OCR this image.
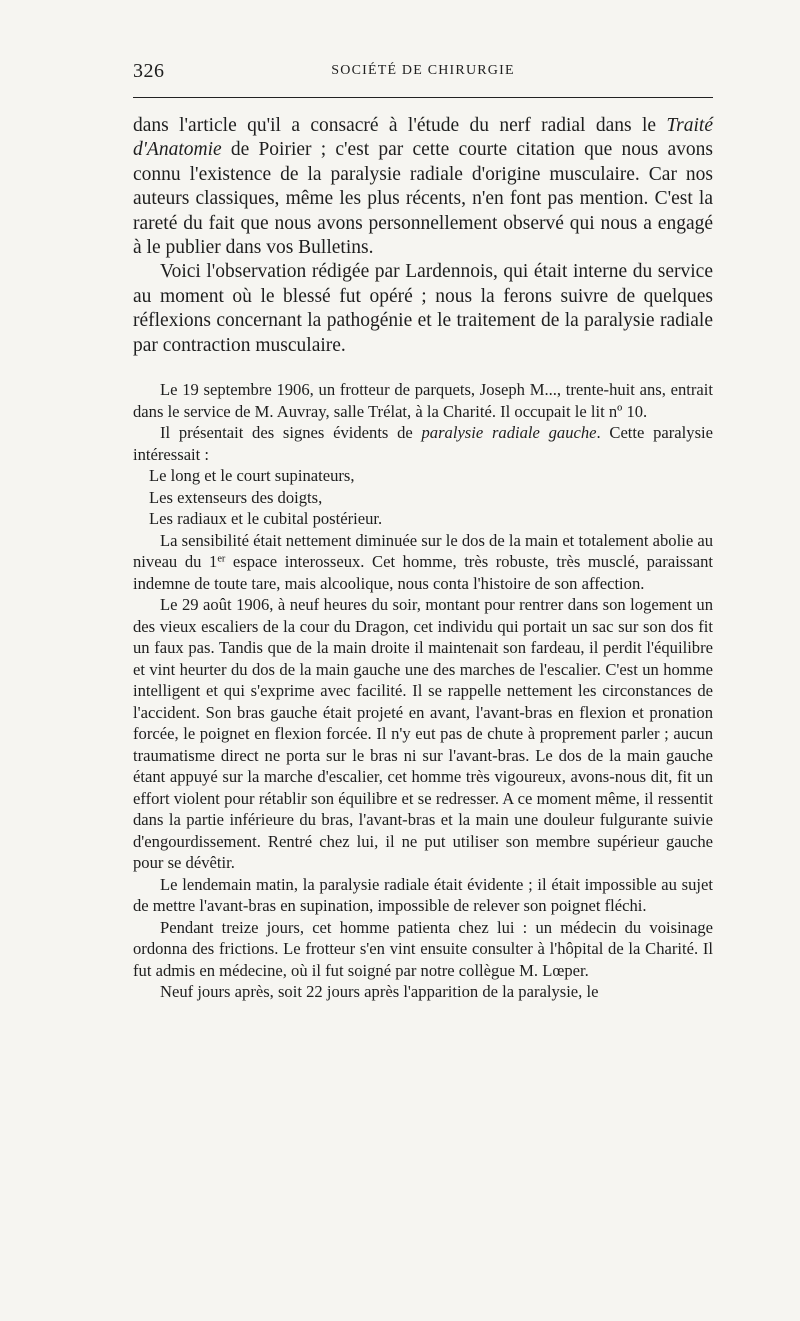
326	SOCIÉTÉ DE CHIRURGIE

dans l'article qu'il a consacré à l'étude du nerf radial dans le Traité d'Anatomie de Poirier ; c'est par cette courte citation que nous avons connu l'existence de la paralysie radiale d'origine musculaire. Car nos auteurs classiques, même les plus récents, n'en font pas mention. C'est la rareté du fait que nous avons personnellement observé qui nous a engagé à le publier dans vos Bulletins.

Voici l'observation rédigée par Lardennois, qui était interne du service au moment où le blessé fut opéré ; nous la ferons suivre de quelques réflexions concernant la pathogénie et le traitement de la paralysie radiale par contraction musculaire.

Le 19 septembre 1906, un frotteur de parquets, Joseph M..., trente-huit ans, entrait dans le service de M. Auvray, salle Trélat, à la Charité. Il occupait le lit nº 10.

Il présentait des signes évidents de paralysie radiale gauche. Cette paralysie intéressait :

Le long et le court supinateurs,

Les extenseurs des doigts,

Les radiaux et le cubital postérieur.

La sensibilité était nettement diminuée sur le dos de la main et totalement abolie au niveau du 1er espace interosseux. Cet homme, très robuste, très musclé, paraissant indemne de toute tare, mais alcoolique, nous conta l'histoire de son affection.

Le 29 août 1906, à neuf heures du soir, montant pour rentrer dans son logement un des vieux escaliers de la cour du Dragon, cet individu qui portait un sac sur son dos fit un faux pas. Tandis que de la main droite il maintenait son fardeau, il perdit l'équilibre et vint heurter du dos de la main gauche une des marches de l'escalier. C'est un homme intelligent et qui s'exprime avec facilité. Il se rappelle nettement les circonstances de l'accident. Son bras gauche était projeté en avant, l'avant-bras en flexion et pronation forcée, le poignet en flexion forcée. Il n'y eut pas de chute à proprement parler ; aucun traumatisme direct ne porta sur le bras ni sur l'avant-bras. Le dos de la main gauche étant appuyé sur la marche d'escalier, cet homme très vigoureux, avons-nous dit, fit un effort violent pour rétablir son équilibre et se redresser. A ce moment même, il ressentit dans la partie inférieure du bras, l'avant-bras et la main une douleur fulgurante suivie d'engourdissement. Rentré chez lui, il ne put utiliser son membre supérieur gauche pour se dévêtir.

Le lendemain matin, la paralysie radiale était évidente ; il était impossible au sujet de mettre l'avant-bras en supination, impossible de relever son poignet fléchi.

Pendant treize jours, cet homme patienta chez lui : un médecin du voisinage ordonna des frictions. Le frotteur s'en vint ensuite consulter à l'hôpital de la Charité. Il fut admis en médecine, où il fut soigné par notre collègue M. Lœper.

Neuf jours après, soit 22 jours après l'apparition de la paralysie, le
